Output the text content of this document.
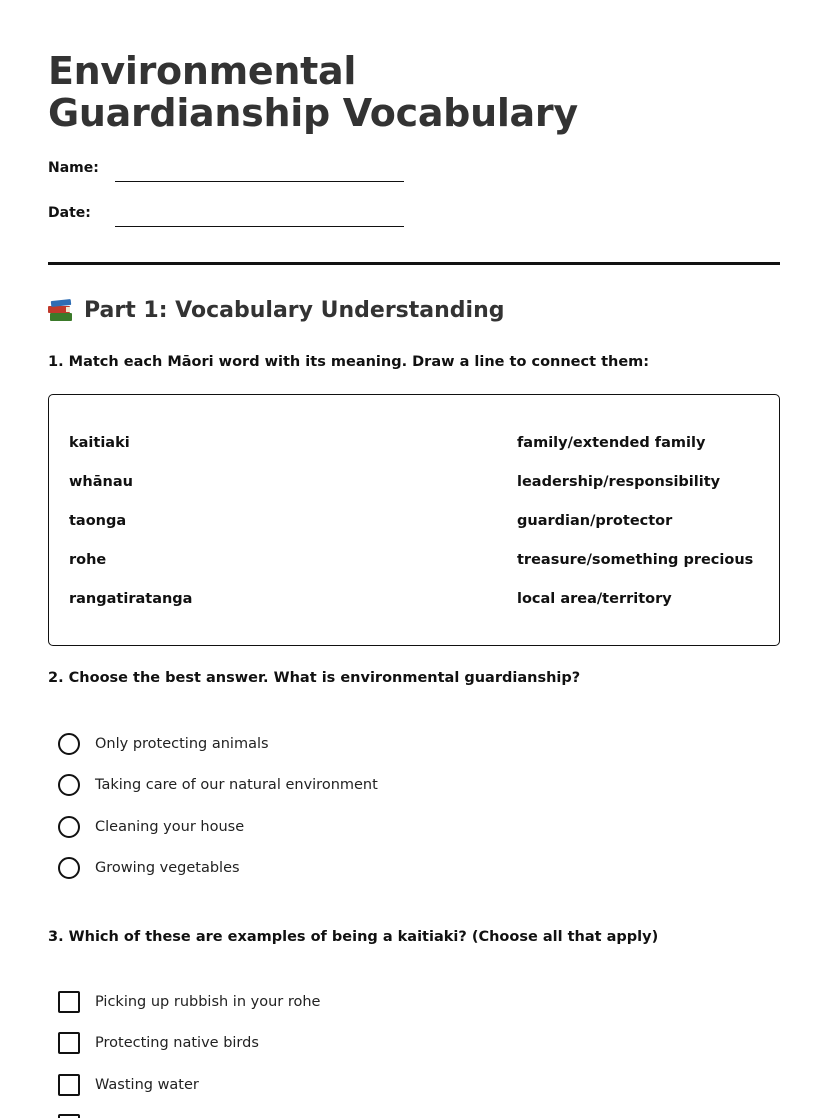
Environmental Guardianship Vocabulary
Name:
Date:
Part 1: Vocabulary Understanding

1. Match each Māori word with its meaning. Draw a line to connect them:

kaitiaki
whānau
taonga
rohe
rangatiratanga
family/extended family
leadership/responsibility
guardian/protector
treasure/something precious
local area/territory

2. Choose the best answer. What is environmental guardianship?

Only protecting animals
Taking care of our natural environment
Cleaning your house
Growing vegetables

3. Which of these are examples of being a kaitiaki? (Choose all that apply)

Picking up rubbish in your rohe
Protecting native birds
Wasting water
